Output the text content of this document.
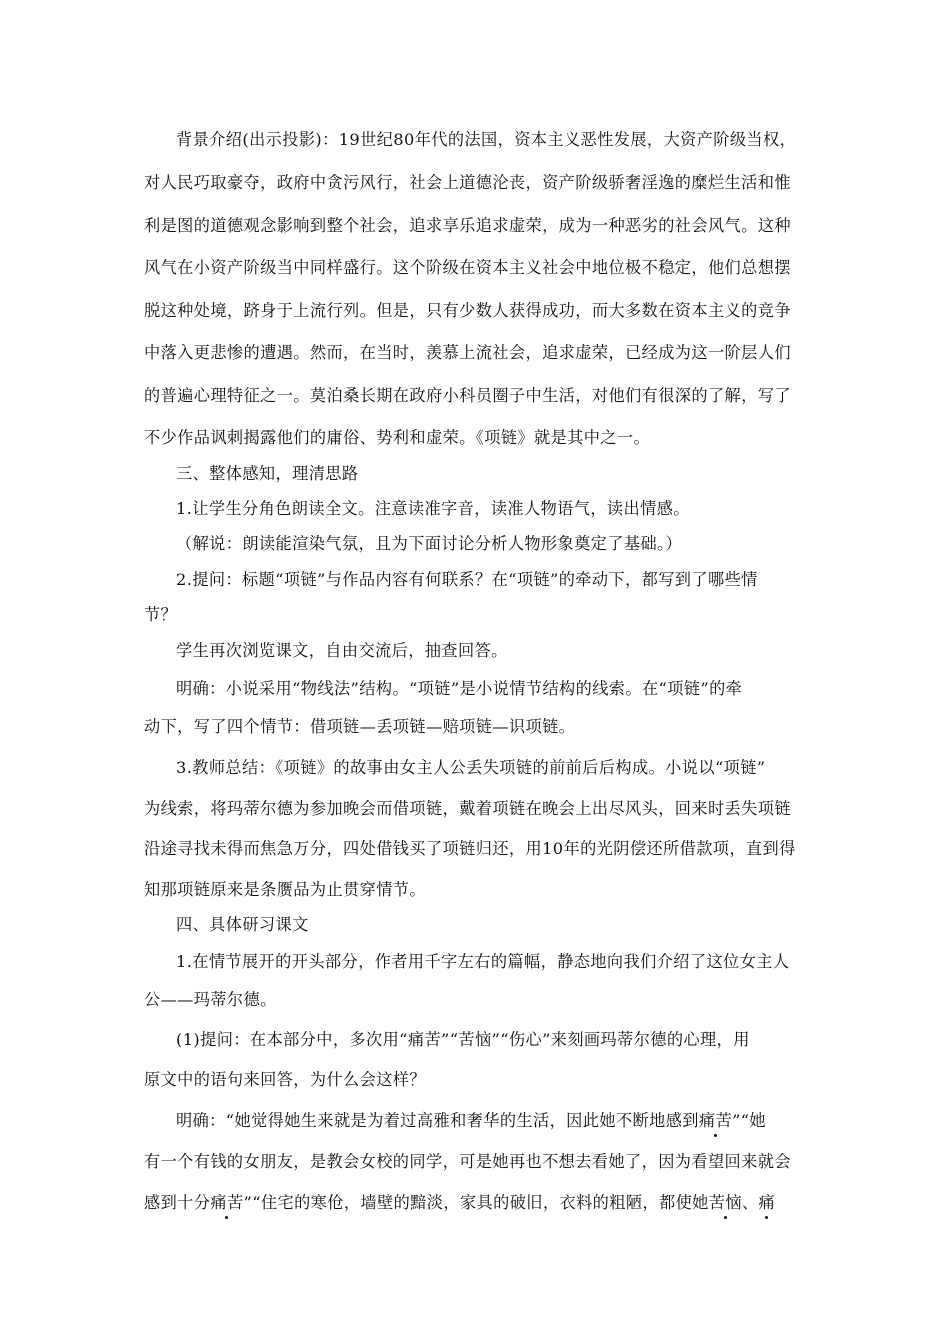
背景介绍(出示投影)：19世纪80年代的法国，资本主义恶性发展，大资产阶级当权，
对人民巧取豪夺，政府中贪污风行，社会上道德沦丧，资产阶级骄奢淫逸的糜烂生活和惟
利是图的道德观念影响到整个社会，追求享乐追求虚荣，成为一种恶劣的社会风气。这种
风气在小资产阶级当中同样盛行。这个阶级在资本主义社会中地位极不稳定，他们总想摆
脱这种处境，跻身于上流行列。但是，只有少数人获得成功，而大多数在资本主义的竞争
中落入更悲惨的遭遇。然而，在当时，羡慕上流社会，追求虚荣，已经成为这一阶层人们
的普遍心理特征之一。莫泊桑长期在政府小科员圈子中生活，对他们有很深的了解，写了
不少作品讽刺揭露他们的庸俗、势利和虚荣。《项链》就是其中之一。
三、整体感知，理清思路
1.让学生分角色朗读全文。注意读准字音，读准人物语气，读出情感。
（解说：朗读能渲染气氛，且为下面讨论分析人物形象奠定了基础。）
2.提问：标题“项链”与作品内容有何联系？在“项链”的牵动下，都写到了哪些情
节？
学生再次浏览课文，自由交流后，抽查回答。
明确：小说采用“物线法”结构。“项链”是小说情节结构的线索。在“项链”的牵
动下，写了四个情节：借项链—丢项链—赔项链—识项链。
3.教师总结：《项链》的故事由女主人公丢失项链的前前后后构成。小说以“项链”
为线索，将玛蒂尔德为参加晚会而借项链，戴着项链在晚会上出尽风头，回来时丢失项链
沿途寻找未得而焦急万分，四处借钱买了项链归还，用10年的光阴偿还所借款项，直到得
知那项链原来是条赝品为止贯穿情节。
四、具体研习课文
1.在情节展开的开头部分，作者用千字左右的篇幅，静态地向我们介绍了这位女主人
公——玛蒂尔德。
(1)提问：在本部分中，多次用“痛苦”“苦恼”“伤心”来刻画玛蒂尔德的心理，用
原文中的语句来回答，为什么会这样？
明确：“她觉得她生来就是为着过高雅和奢华的生活，因此她不断地感到痛苦”“她
有一个有钱的女朋友，是教会女校的同学，可是她再也不想去看她了，因为看望回来就会
感到十分痛苦”“住宅的寒伧，墙壁的黯淡，家具的破旧，衣料的粗陋，都使她苦恼、痛
